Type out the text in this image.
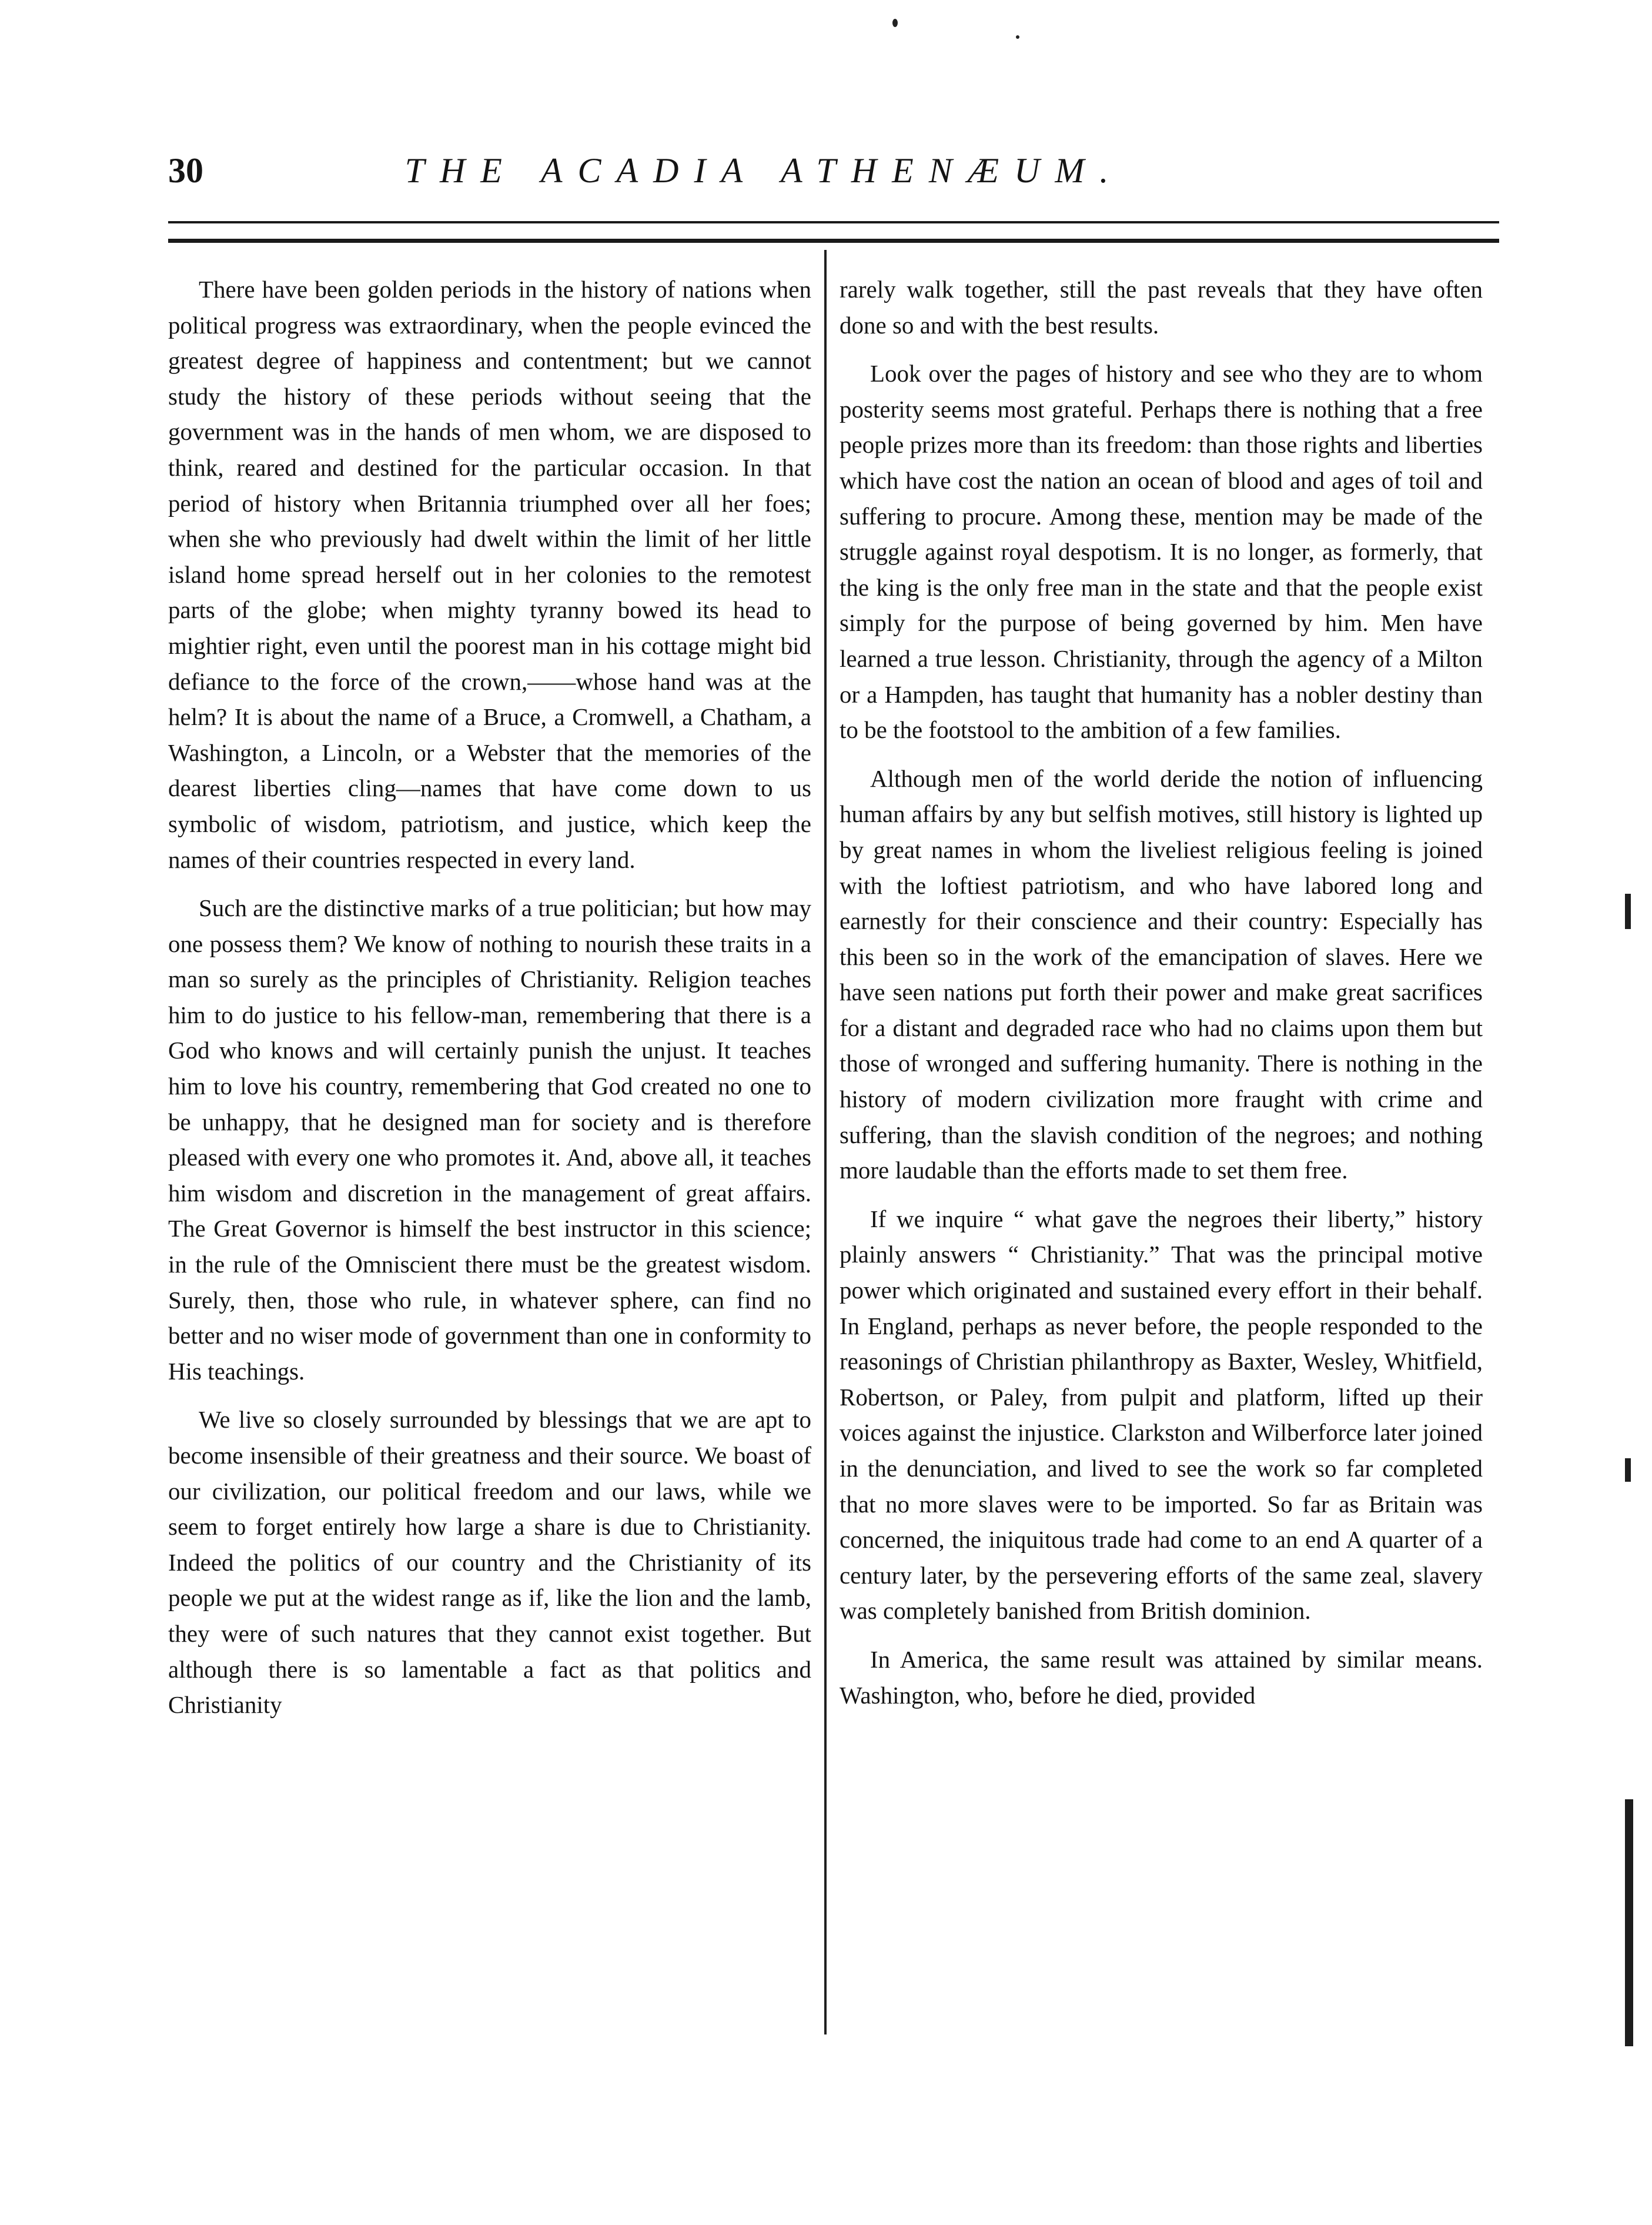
30	THE ACADIA ATHENÆUM.

There have been golden periods in the history of nations when political progress was extraordinary, when the people evinced the greatest degree of happiness and contentment; but we cannot study the history of these periods without seeing that the government was in the hands of men whom, we are disposed to think, reared and destined for the particular occasion. In that period of history when Britannia triumphed over all her foes; when she who previously had dwelt within the limit of her little island home spread herself out in her colonies to the remotest parts of the globe; when mighty tyranny bowed its head to mightier right, even until the poorest man in his cottage might bid defiance to the force of the crown,——whose hand was at the helm? It is about the name of a Bruce, a Cromwell, a Chatham, a Washington, a Lincoln, or a Webster that the memories of the dearest liberties cling—names that have come down to us symbolic of wisdom, patriotism, and justice, which keep the names of their countries respected in every land.

Such are the distinctive marks of a true politician; but how may one possess them? We know of nothing to nourish these traits in a man so surely as the principles of Christianity. Religion teaches him to do justice to his fellow-man, remembering that there is a God who knows and will certainly punish the unjust. It teaches him to love his country, remembering that God created no one to be unhappy, that he designed man for society and is therefore pleased with every one who promotes it. And, above all, it teaches him wisdom and discretion in the management of great affairs. The Great Governor is himself the best instructor in this science; in the rule of the Omniscient there must be the greatest wisdom. Surely, then, those who rule, in whatever sphere, can find no better and no wiser mode of government than one in conformity to His teachings.

We live so closely surrounded by blessings that we are apt to become insensible of their greatness and their source. We boast of our civilization, our political freedom and our laws, while we seem to forget entirely how large a share is due to Christianity. Indeed the politics of our country and the Christianity of its people we put at the widest range as if, like the lion and the lamb, they were of such natures that they cannot exist together. But although there is so lamentable a fact as that politics and Christianity

rarely walk together, still the past reveals that they have often done so and with the best results.

Look over the pages of history and see who they are to whom posterity seems most grateful. Perhaps there is nothing that a free people prizes more than its freedom: than those rights and liberties which have cost the nation an ocean of blood and ages of toil and suffering to procure. Among these, mention may be made of the struggle against royal despotism. It is no longer, as formerly, that the king is the only free man in the state and that the people exist simply for the purpose of being governed by him. Men have learned a true lesson. Christianity, through the agency of a Milton or a Hampden, has taught that humanity has a nobler destiny than to be the footstool to the ambition of a few families.

Although men of the world deride the notion of influencing human affairs by any but selfish motives, still history is lighted up by great names in whom the liveliest religious feeling is joined with the loftiest patriotism, and who have labored long and earnestly for their conscience and their country: Especially has this been so in the work of the emancipation of slaves. Here we have seen nations put forth their power and make great sacrifices for a distant and degraded race who had no claims upon them but those of wronged and suffering humanity. There is nothing in the history of modern civilization more fraught with crime and suffering, than the slavish condition of the negroes; and nothing more laudable than the efforts made to set them free.

If we inquire “ what gave the negroes their liberty,” history plainly answers “ Christianity.” That was the principal motive power which originated and sustained every effort in their behalf. In England, perhaps as never before, the people responded to the reasonings of Christian philanthropy as Baxter, Wesley, Whitfield, Robertson, or Paley, from pulpit and platform, lifted up their voices against the injustice. Clarkston and Wilberforce later joined in the denunciation, and lived to see the work so far completed that no more slaves were to be imported. So far as Britain was concerned, the iniquitous trade had come to an end A quarter of a century later, by the persevering efforts of the same zeal, slavery was completely banished from British dominion.

In America, the same result was attained by similar means. Washington, who, before he died, provided
